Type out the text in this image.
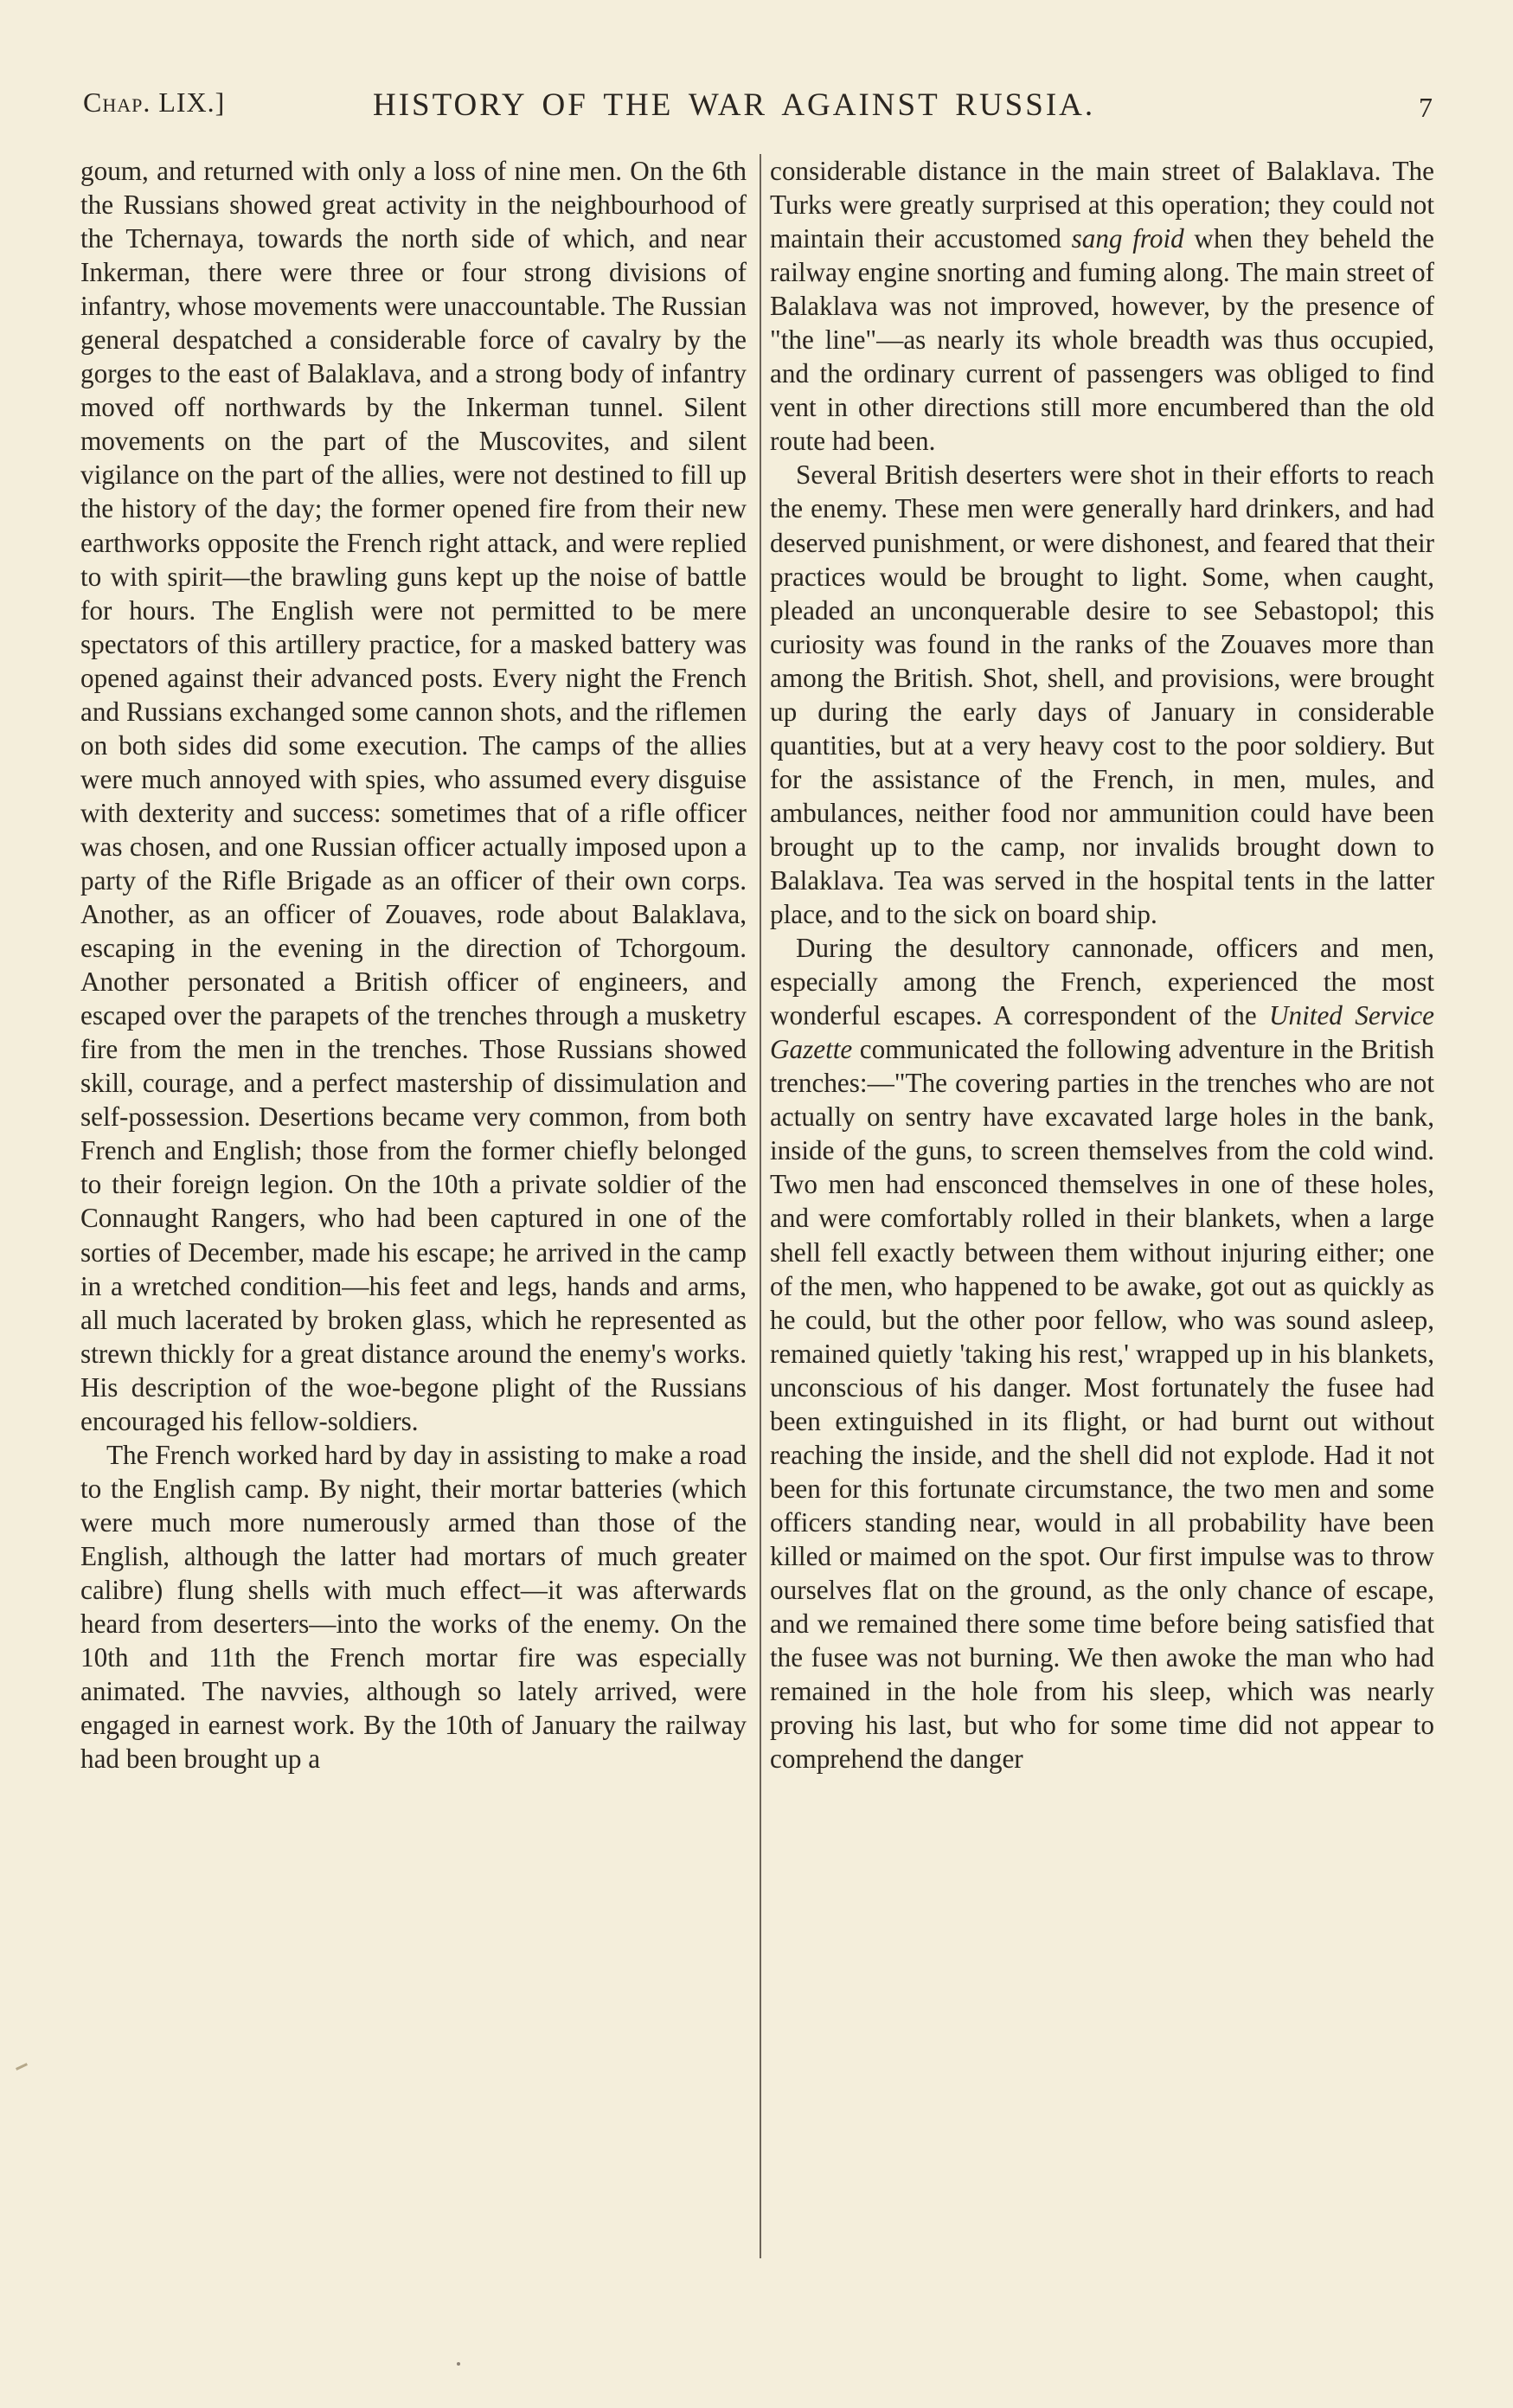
Chap. LIX.]	HISTORY OF THE WAR AGAINST RUSSIA.	7

goum, and returned with only a loss of nine men. On the 6th the Russians showed great activity in the neighbourhood of the Tchernaya, towards the north side of which, and near Inkerman, there were three or four strong divisions of infantry, whose movements were unaccountable. The Russian general despatched a considerable force of cavalry by the gorges to the east of Balaklava, and a strong body of infantry moved off northwards by the Inkerman tunnel. Silent movements on the part of the Muscovites, and silent vigilance on the part of the allies, were not destined to fill up the history of the day; the former opened fire from their new earthworks opposite the French right attack, and were replied to with spirit—the brawling guns kept up the noise of battle for hours. The English were not permitted to be mere spectators of this artillery practice, for a masked battery was opened against their advanced posts. Every night the French and Russians exchanged some cannon shots, and the riflemen on both sides did some execution. The camps of the allies were much annoyed with spies, who assumed every disguise with dexterity and success: sometimes that of a rifle officer was chosen, and one Russian officer actually imposed upon a party of the Rifle Brigade as an officer of their own corps. Another, as an officer of Zouaves, rode about Balaklava, escaping in the evening in the direction of Tchorgoum. Another personated a British officer of engineers, and escaped over the parapets of the trenches through a musketry fire from the men in the trenches. Those Russians showed skill, courage, and a perfect mastership of dissimulation and self-possession. Desertions became very common, from both French and English; those from the former chiefly belonged to their foreign legion. On the 10th a private soldier of the Connaught Rangers, who had been captured in one of the sorties of December, made his escape; he arrived in the camp in a wretched condition—his feet and legs, hands and arms, all much lacerated by broken glass, which he represented as strewn thickly for a great distance around the enemy's works. His description of the woe-begone plight of the Russians encouraged his fellow-soldiers.

The French worked hard by day in assisting to make a road to the English camp. By night, their mortar batteries (which were much more numerously armed than those of the English, although the latter had mortars of much greater calibre) flung shells with much effect—it was afterwards heard from deserters—into the works of the enemy. On the 10th and 11th the French mortar fire was especially animated. The navvies, although so lately arrived, were engaged in earnest work. By the 10th of January the railway had been brought up a

considerable distance in the main street of Balaklava. The Turks were greatly surprised at this operation; they could not maintain their accustomed sang froid when they beheld the railway engine snorting and fuming along. The main street of Balaklava was not improved, however, by the presence of "the line"—as nearly its whole breadth was thus occupied, and the ordinary current of passengers was obliged to find vent in other directions still more encumbered than the old route had been.

Several British deserters were shot in their efforts to reach the enemy. These men were generally hard drinkers, and had deserved punishment, or were dishonest, and feared that their practices would be brought to light. Some, when caught, pleaded an unconquerable desire to see Sebastopol; this curiosity was found in the ranks of the Zouaves more than among the British. Shot, shell, and provisions, were brought up during the early days of January in considerable quantities, but at a very heavy cost to the poor soldiery. But for the assistance of the French, in men, mules, and ambulances, neither food nor ammunition could have been brought up to the camp, nor invalids brought down to Balaklava. Tea was served in the hospital tents in the latter place, and to the sick on board ship.

During the desultory cannonade, officers and men, especially among the French, experienced the most wonderful escapes. A correspondent of the United Service Gazette communicated the following adventure in the British trenches:—"The covering parties in the trenches who are not actually on sentry have excavated large holes in the bank, inside of the guns, to screen themselves from the cold wind. Two men had ensconced themselves in one of these holes, and were comfortably rolled in their blankets, when a large shell fell exactly between them without injuring either; one of the men, who happened to be awake, got out as quickly as he could, but the other poor fellow, who was sound asleep, remained quietly 'taking his rest,' wrapped up in his blankets, unconscious of his danger. Most fortunately the fusee had been extinguished in its flight, or had burnt out without reaching the inside, and the shell did not explode. Had it not been for this fortunate circumstance, the two men and some officers standing near, would in all probability have been killed or maimed on the spot. Our first impulse was to throw ourselves flat on the ground, as the only chance of escape, and we remained there some time before being satisfied that the fusee was not burning. We then awoke the man who had remained in the hole from his sleep, which was nearly proving his last, but who for some time did not appear to comprehend the danger
